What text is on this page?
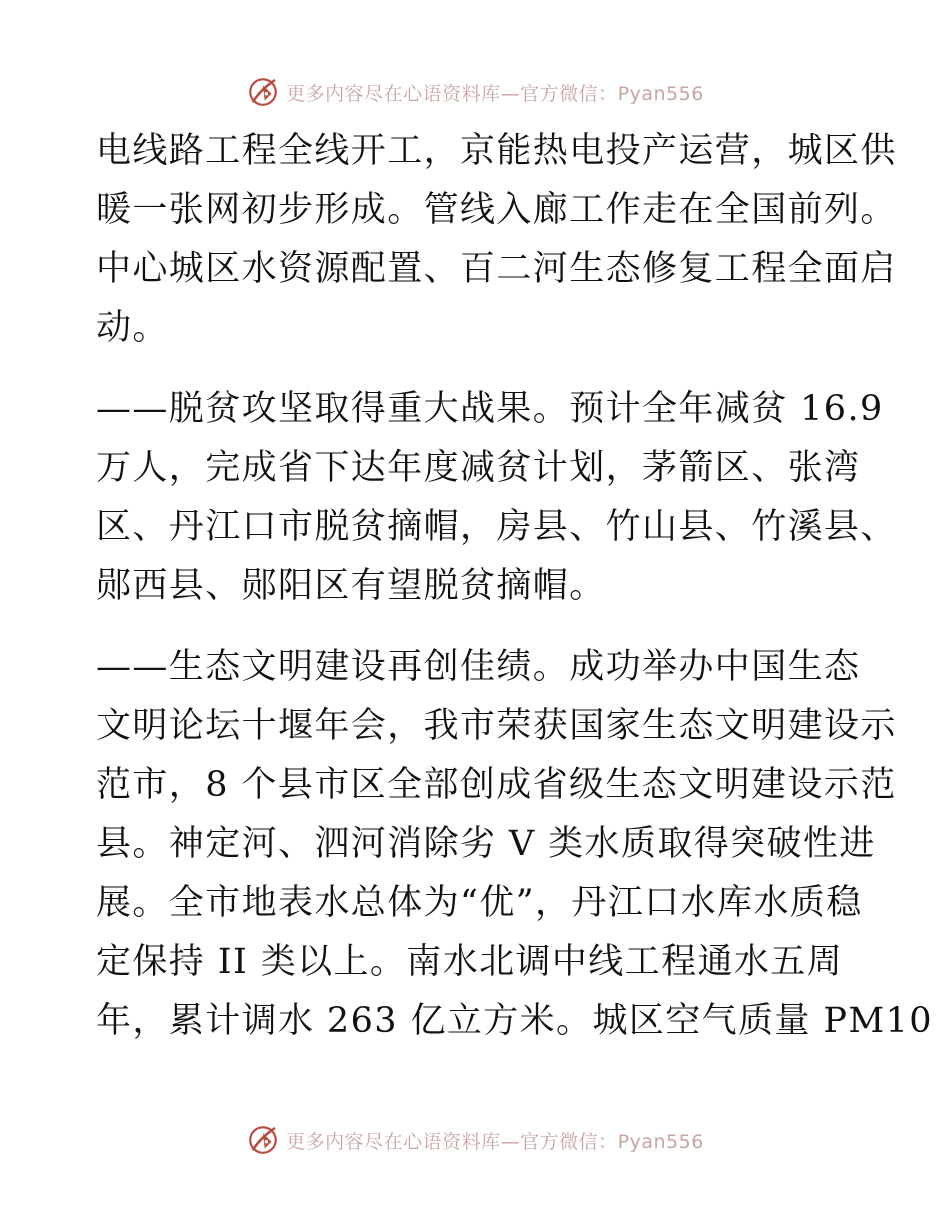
更多内容尽在心语资料库—官方微信：Pyan556
电线路工程全线开工，京能热电投产运营，城区供
暖一张网初步形成。管线入廊工作走在全国前列。
中心城区水资源配置、百二河生态修复工程全面启
动。
——脱贫攻坚取得重大战果。预计全年减贫 16.9
万人，完成省下达年度减贫计划，茅箭区、张湾
区、丹江口市脱贫摘帽，房县、竹山县、竹溪县、
郧西县、郧阳区有望脱贫摘帽。
——生态文明建设再创佳绩。成功举办中国生态
文明论坛十堰年会，我市荣获国家生态文明建设示
范市，8 个县市区全部创成省级生态文明建设示范
县。神定河、泗河消除劣 V 类水质取得突破性进
展。全市地表水总体为“优”，丹江口水库水质稳
定保持 II 类以上。南水北调中线工程通水五周
年，累计调水 263 亿立方米。城区空气质量 PM10
更多内容尽在心语资料库—官方微信：Pyan556
